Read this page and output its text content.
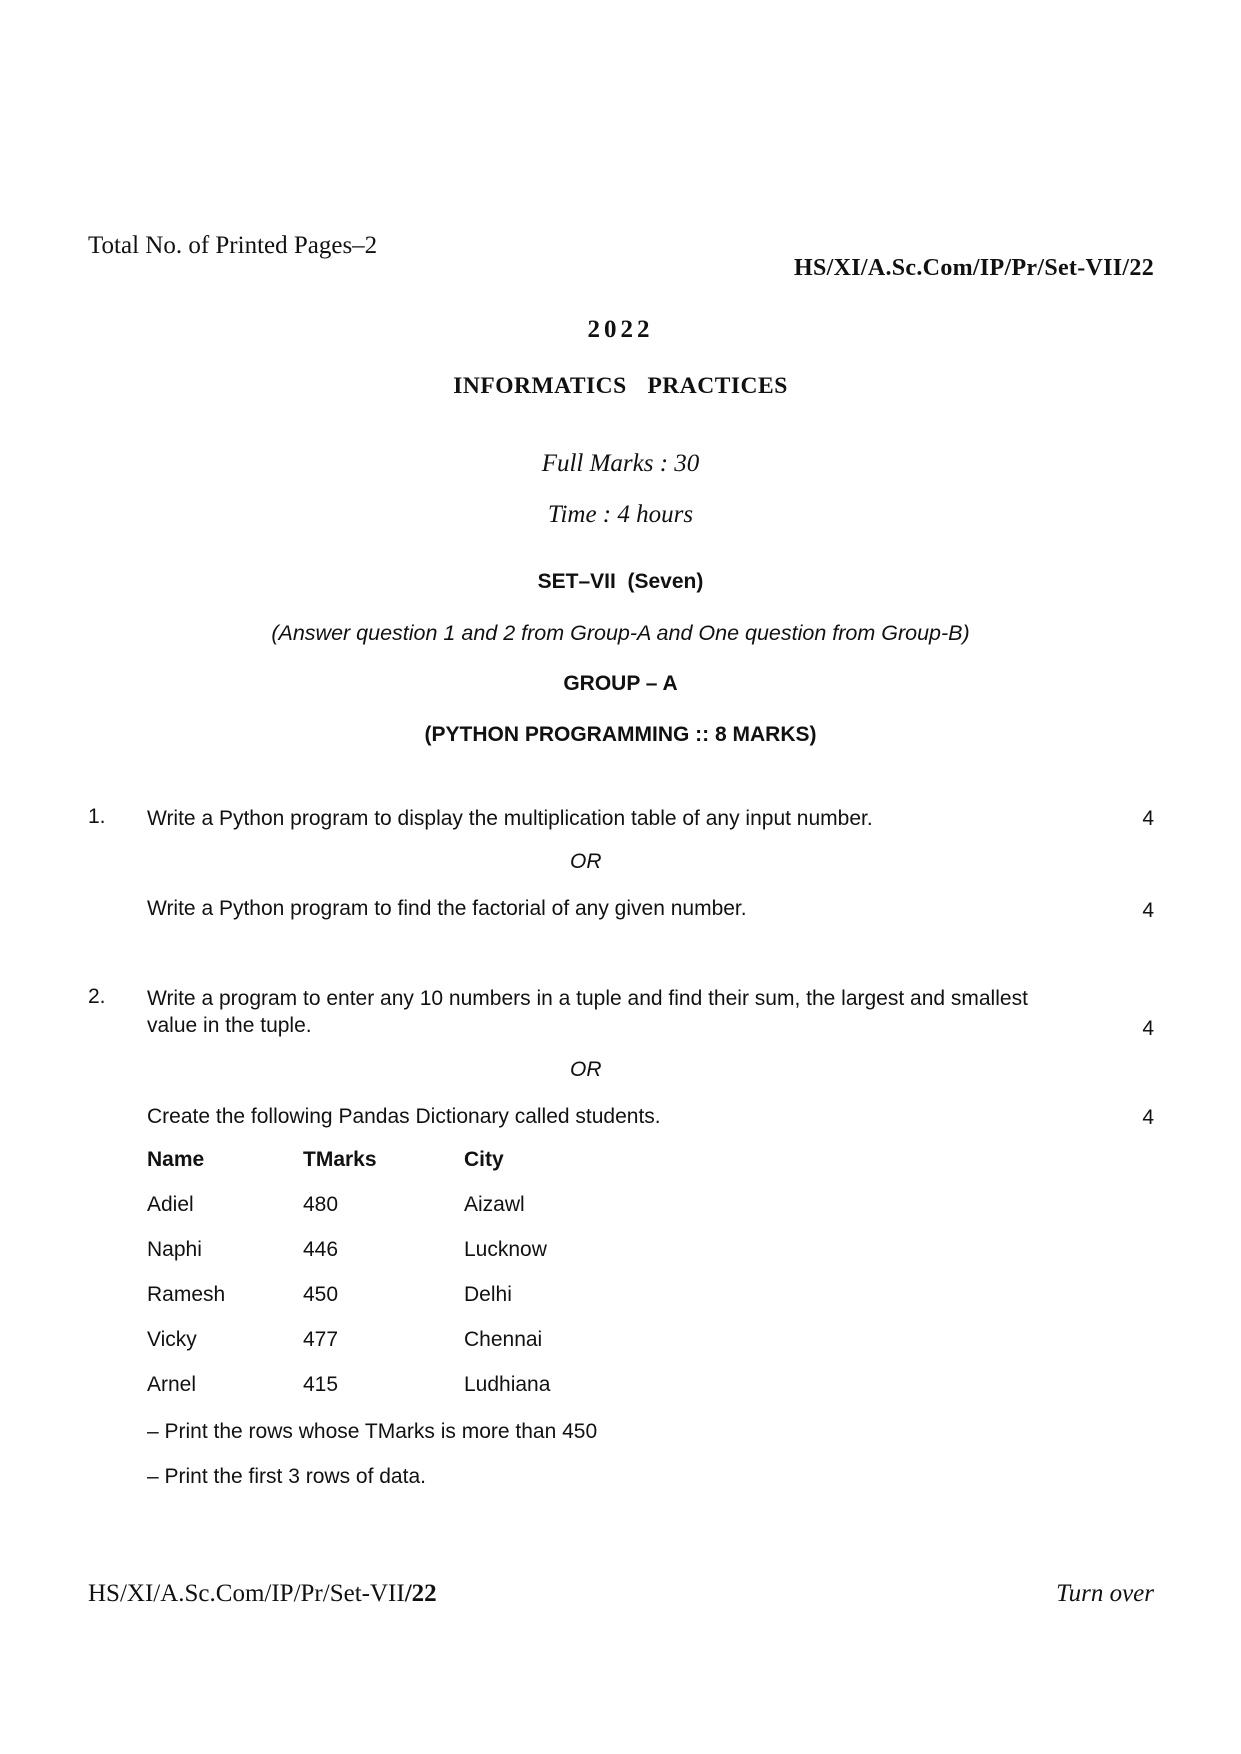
Total No. of Printed Pages–2
HS/XI/A.Sc.Com/IP/Pr/Set-VII/22
2022
INFORMATICS  PRACTICES
Full Marks : 30
Time : 4 hours
SET–VII  (Seven)
(Answer question 1 and 2 from Group-A and One question from Group-B)
GROUP – A
(PYTHON PROGRAMMING :: 8 MARKS)
1. Write a Python program to display the multiplication table of any input number.	4
OR
Write a Python program to find the factorial of any given number.	4
2. Write a program to enter any 10 numbers in a tuple and find their sum, the largest and smallest
value in the tuple.	4
OR
Create the following Pandas Dictionary called students.	4
Name	TMarks	City
Adiel	480	Aizawl
Naphi	446	Lucknow
Ramesh	450	Delhi
Vicky	477	Chennai
Arnel	415	Ludhiana
– Print the rows whose TMarks is more than 450
– Print the first 3 rows of data.
HS/XI/A.Sc.Com/IP/Pr/Set-VII/22	Turn over
